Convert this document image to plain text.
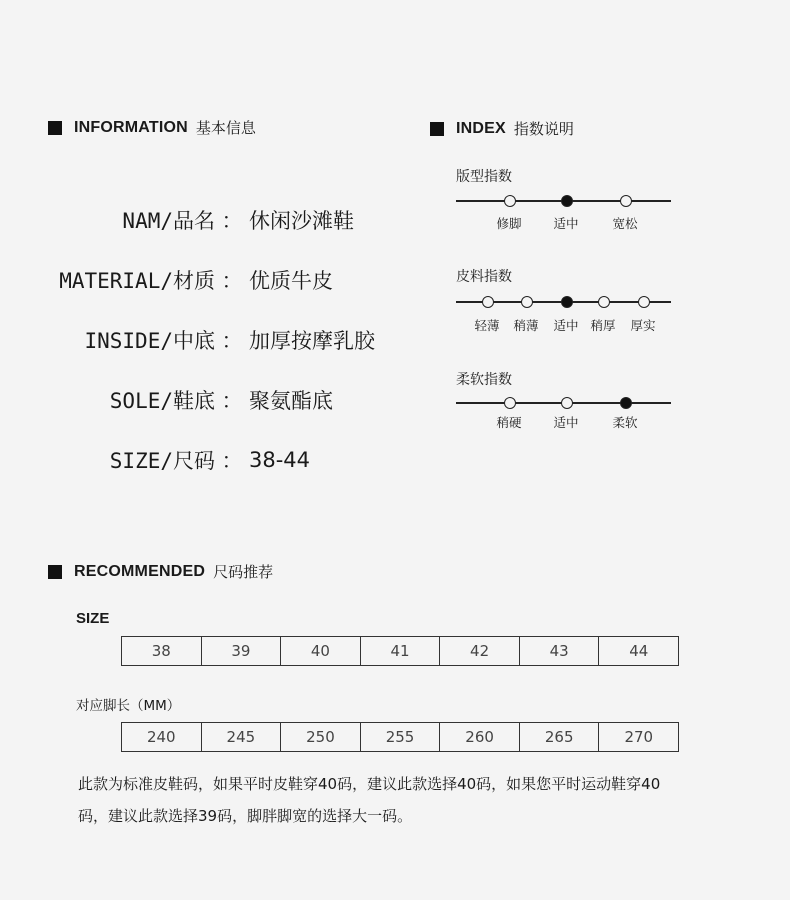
INFORMATION 基本信息	INDEX 指数说明
NAM/品名 ： 休闲沙滩鞋
MATERIAL/材质 ： 优质牛皮
INSIDE/中底 ： 加厚按摩乳胶
SOLE/鞋底 ： 聚氨酯底
SIZE/尺码 ： 38-44
版型指数
修脚	适中	宽松
皮料指数
轻薄	稍薄	适中 稍厚	厚实
柔软指数
稍硬	适中	柔软
RECOMMENDED 尺码推荐
SIZE
38	39	40	41	42	43	44
对应脚长（MM）
240	245	250	255	260	265	270
此款为标准皮鞋码，如果平时皮鞋穿40码，建议此款选择40码，如果您平时运动鞋穿40
码，建议此款选择39码，脚胖脚宽的选择大一码。
